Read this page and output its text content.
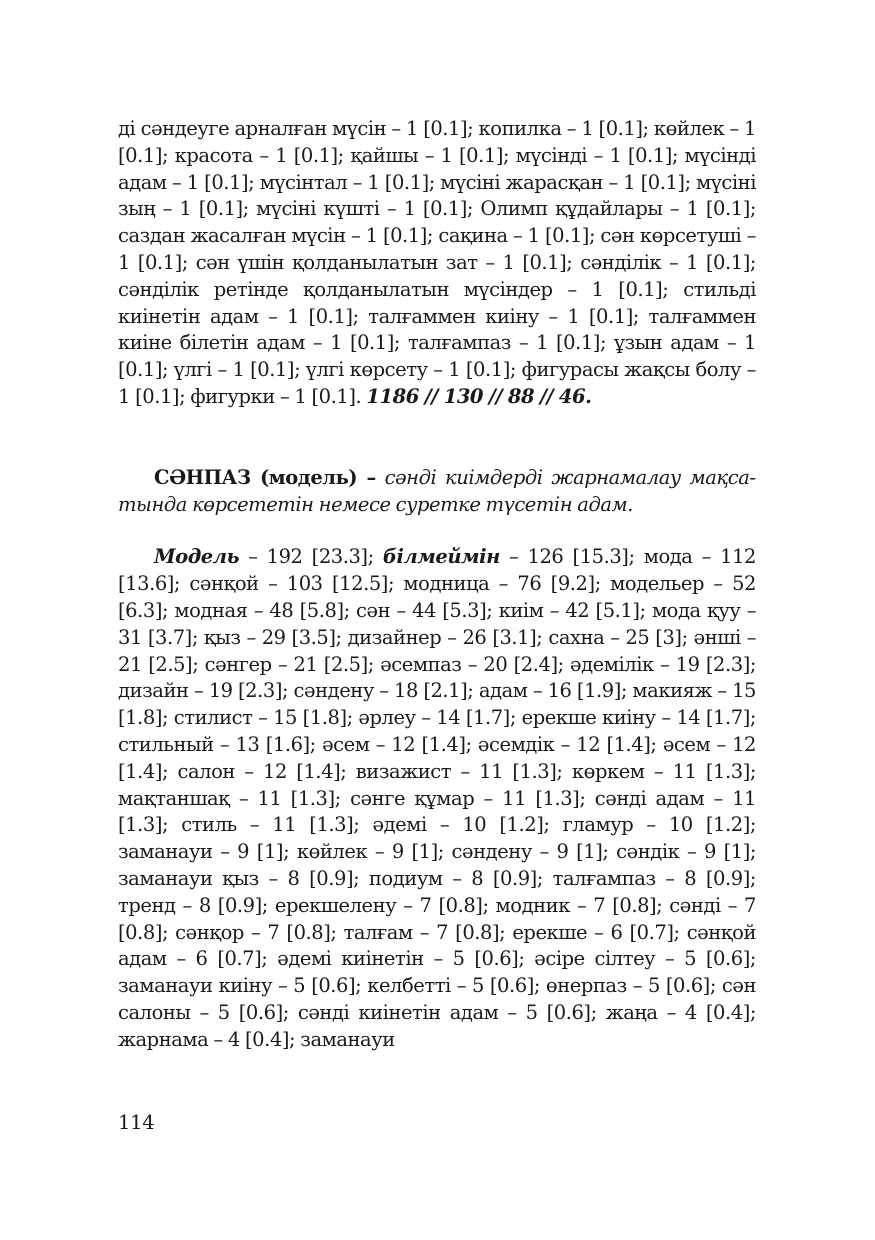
ді сәндеуге арналған мүсін – 1 [0.1]; копилка – 1 [0.1]; көйлек – 1 [0.1]; красота – 1 [0.1]; қайшы – 1 [0.1]; мүсінді – 1 [0.1]; мүсінді адам – 1 [0.1]; мүсінтал – 1 [0.1]; мүсіні жарасқан – 1 [0.1]; мүсіні зың – 1 [0.1]; мүсіні күшті – 1 [0.1]; Олимп құдайлары – 1 [0.1]; саздан жасалған мүсін – 1 [0.1]; сақина – 1 [0.1]; сән көрсетуші – 1 [0.1]; сән үшін қолданылатын зат – 1 [0.1]; сәнділік – 1 [0.1]; сәнділік ретінде қолданылатын мүсіндер – 1 [0.1]; стильді киінетін адам – 1 [0.1]; талғаммен киіну – 1 [0.1]; талғаммен киіне білетін адам – 1 [0.1]; талғампаз – 1 [0.1]; ұзын адам – 1 [0.1]; үлгі – 1 [0.1]; үлгі көрсету – 1 [0.1]; фигурасы жақсы болу – 1 [0.1]; фигурки – 1 [0.1]. 1186 // 130 // 88 // 46.

СӘНПАЗ (модель) – сәнді киімдерді жарнамалау мақсатында көрсететін немесе суретке түсетін адам.

Модель – 192 [23.3]; білмеймін – 126 [15.3]; мода – 112 [13.6]; сәнқой – 103 [12.5]; модница – 76 [9.2]; модельер – 52 [6.3]; модная – 48 [5.8]; сән – 44 [5.3]; киім – 42 [5.1]; мода қуу – 31 [3.7]; қыз – 29 [3.5]; дизайнер – 26 [3.1]; сахна – 25 [3]; әнші – 21 [2.5]; сәнгер – 21 [2.5]; әсемпаз – 20 [2.4]; әдемілік – 19 [2.3]; дизайн – 19 [2.3]; сәндену – 18 [2.1]; адам – 16 [1.9]; макияж – 15 [1.8]; стилист – 15 [1.8]; әрлеу – 14 [1.7]; ерекше киіну – 14 [1.7]; стильный – 13 [1.6]; әсем – 12 [1.4]; әсемдік – 12 [1.4]; әсем – 12 [1.4]; салон – 12 [1.4]; визажист – 11 [1.3]; көркем – 11 [1.3]; мақтаншақ – 11 [1.3]; сәнге құмар – 11 [1.3]; сәнді адам – 11 [1.3]; стиль – 11 [1.3]; әдемі – 10 [1.2]; гламур – 10 [1.2]; заманауи – 9 [1]; көйлек – 9 [1]; сәндену – 9 [1]; сәндік – 9 [1]; заманауи қыз – 8 [0.9]; подиум – 8 [0.9]; талғампаз – 8 [0.9]; тренд – 8 [0.9]; ерекшелену – 7 [0.8]; модник – 7 [0.8]; сәнді – 7 [0.8]; сәнқор – 7 [0.8]; талғам – 7 [0.8]; ерекше – 6 [0.7]; сәнқой адам – 6 [0.7]; әдемі киінетін – 5 [0.6]; әсіре сілтеу – 5 [0.6]; заманауи киіну – 5 [0.6]; келбетті – 5 [0.6]; өнерпаз – 5 [0.6]; сән салоны – 5 [0.6]; сәнді киінетін адам – 5 [0.6]; жаңа – 4 [0.4]; жарнама – 4 [0.4]; заманауи

114
